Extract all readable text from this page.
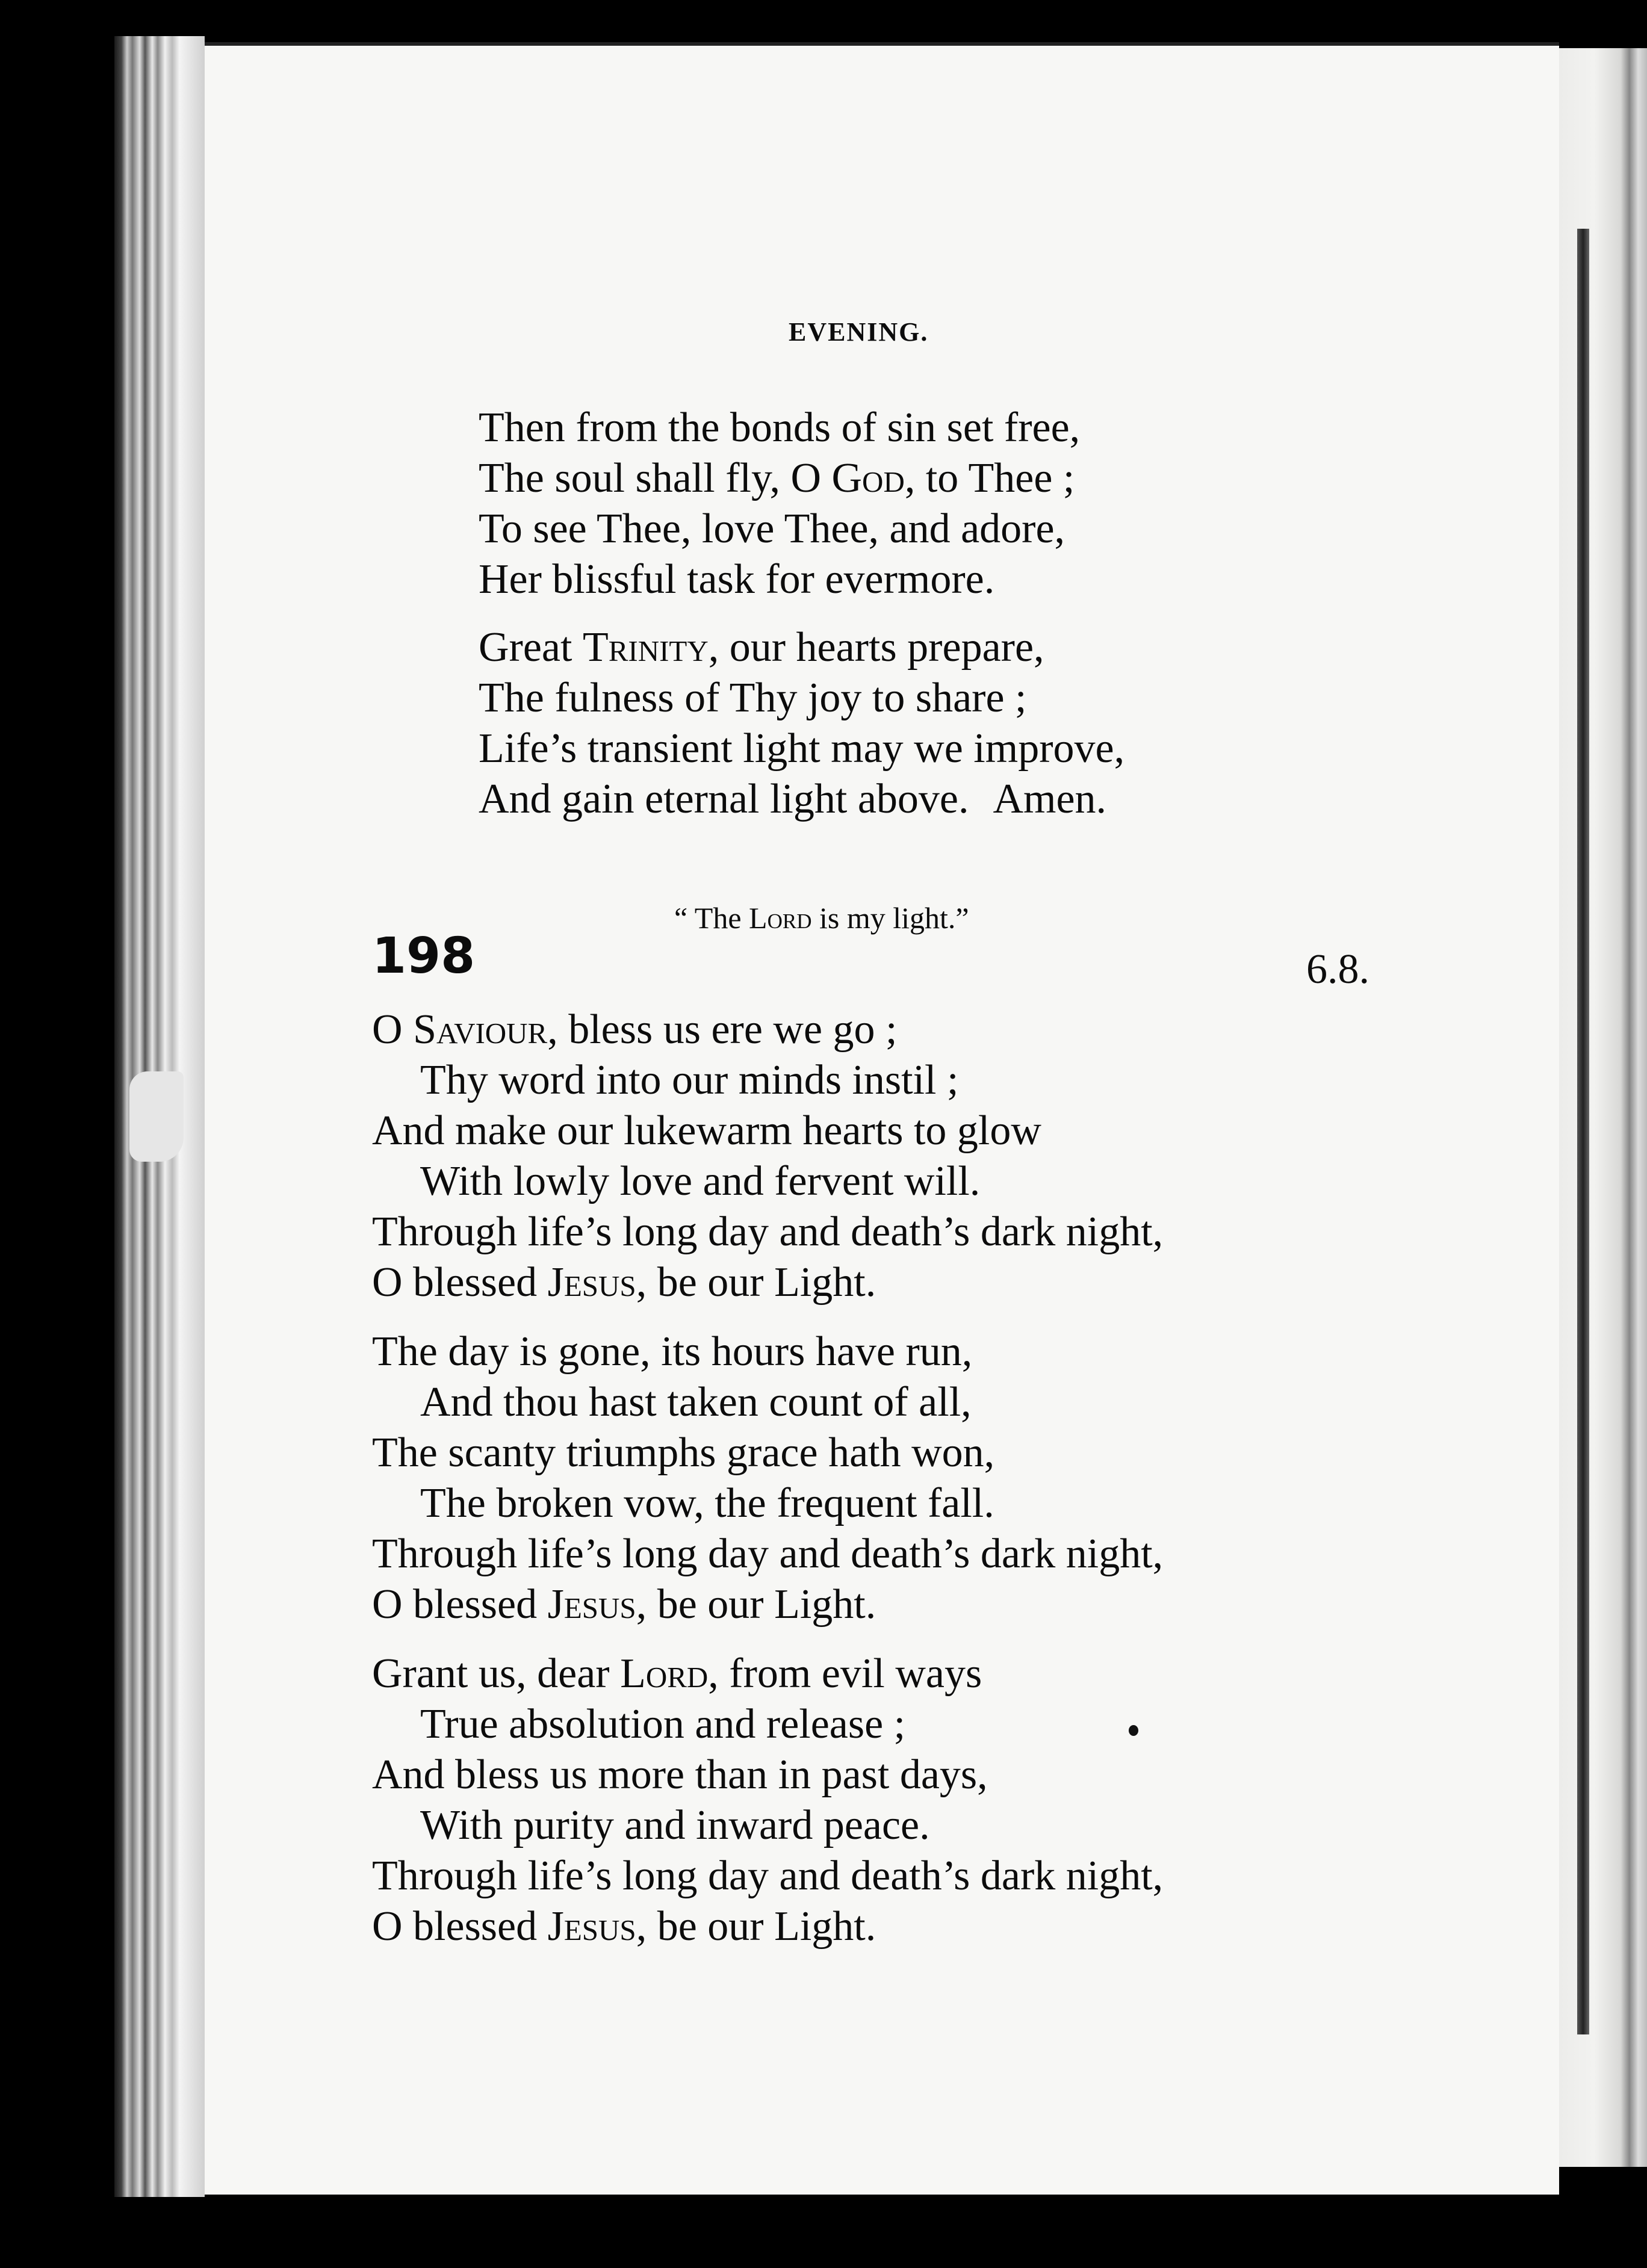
EVENING.
Then from the bonds of sin set free,
The soul shall fly, O God, to Thee ;
To see Thee, love Thee, and adore,
Her blissful task for evermore.
Great Trinity, our hearts prepare,
The fulness of Thy joy to share ;
Life’s transient light may we improve,
And gain eternal light above. Amen.
“ The Lord is my light.”
198	6.8.
O Saviour, bless us ere we go ;
Thy word into our minds instil ;
And make our lukewarm hearts to glow
With lowly love and fervent will.
Through life’s long day and death’s dark night,
O blessed Jesus, be our Light.
The day is gone, its hours have run,
And thou hast taken count of all,
The scanty triumphs grace hath won,
The broken vow, the frequent fall.
Through life’s long day and death’s dark night,
O blessed Jesus, be our Light.
Grant us, dear Lord, from evil ways
True absolution and release ;
And bless us more than in past days,
With purity and inward peace.
Through life’s long day and death’s dark night,
O blessed Jesus, be our Light.
